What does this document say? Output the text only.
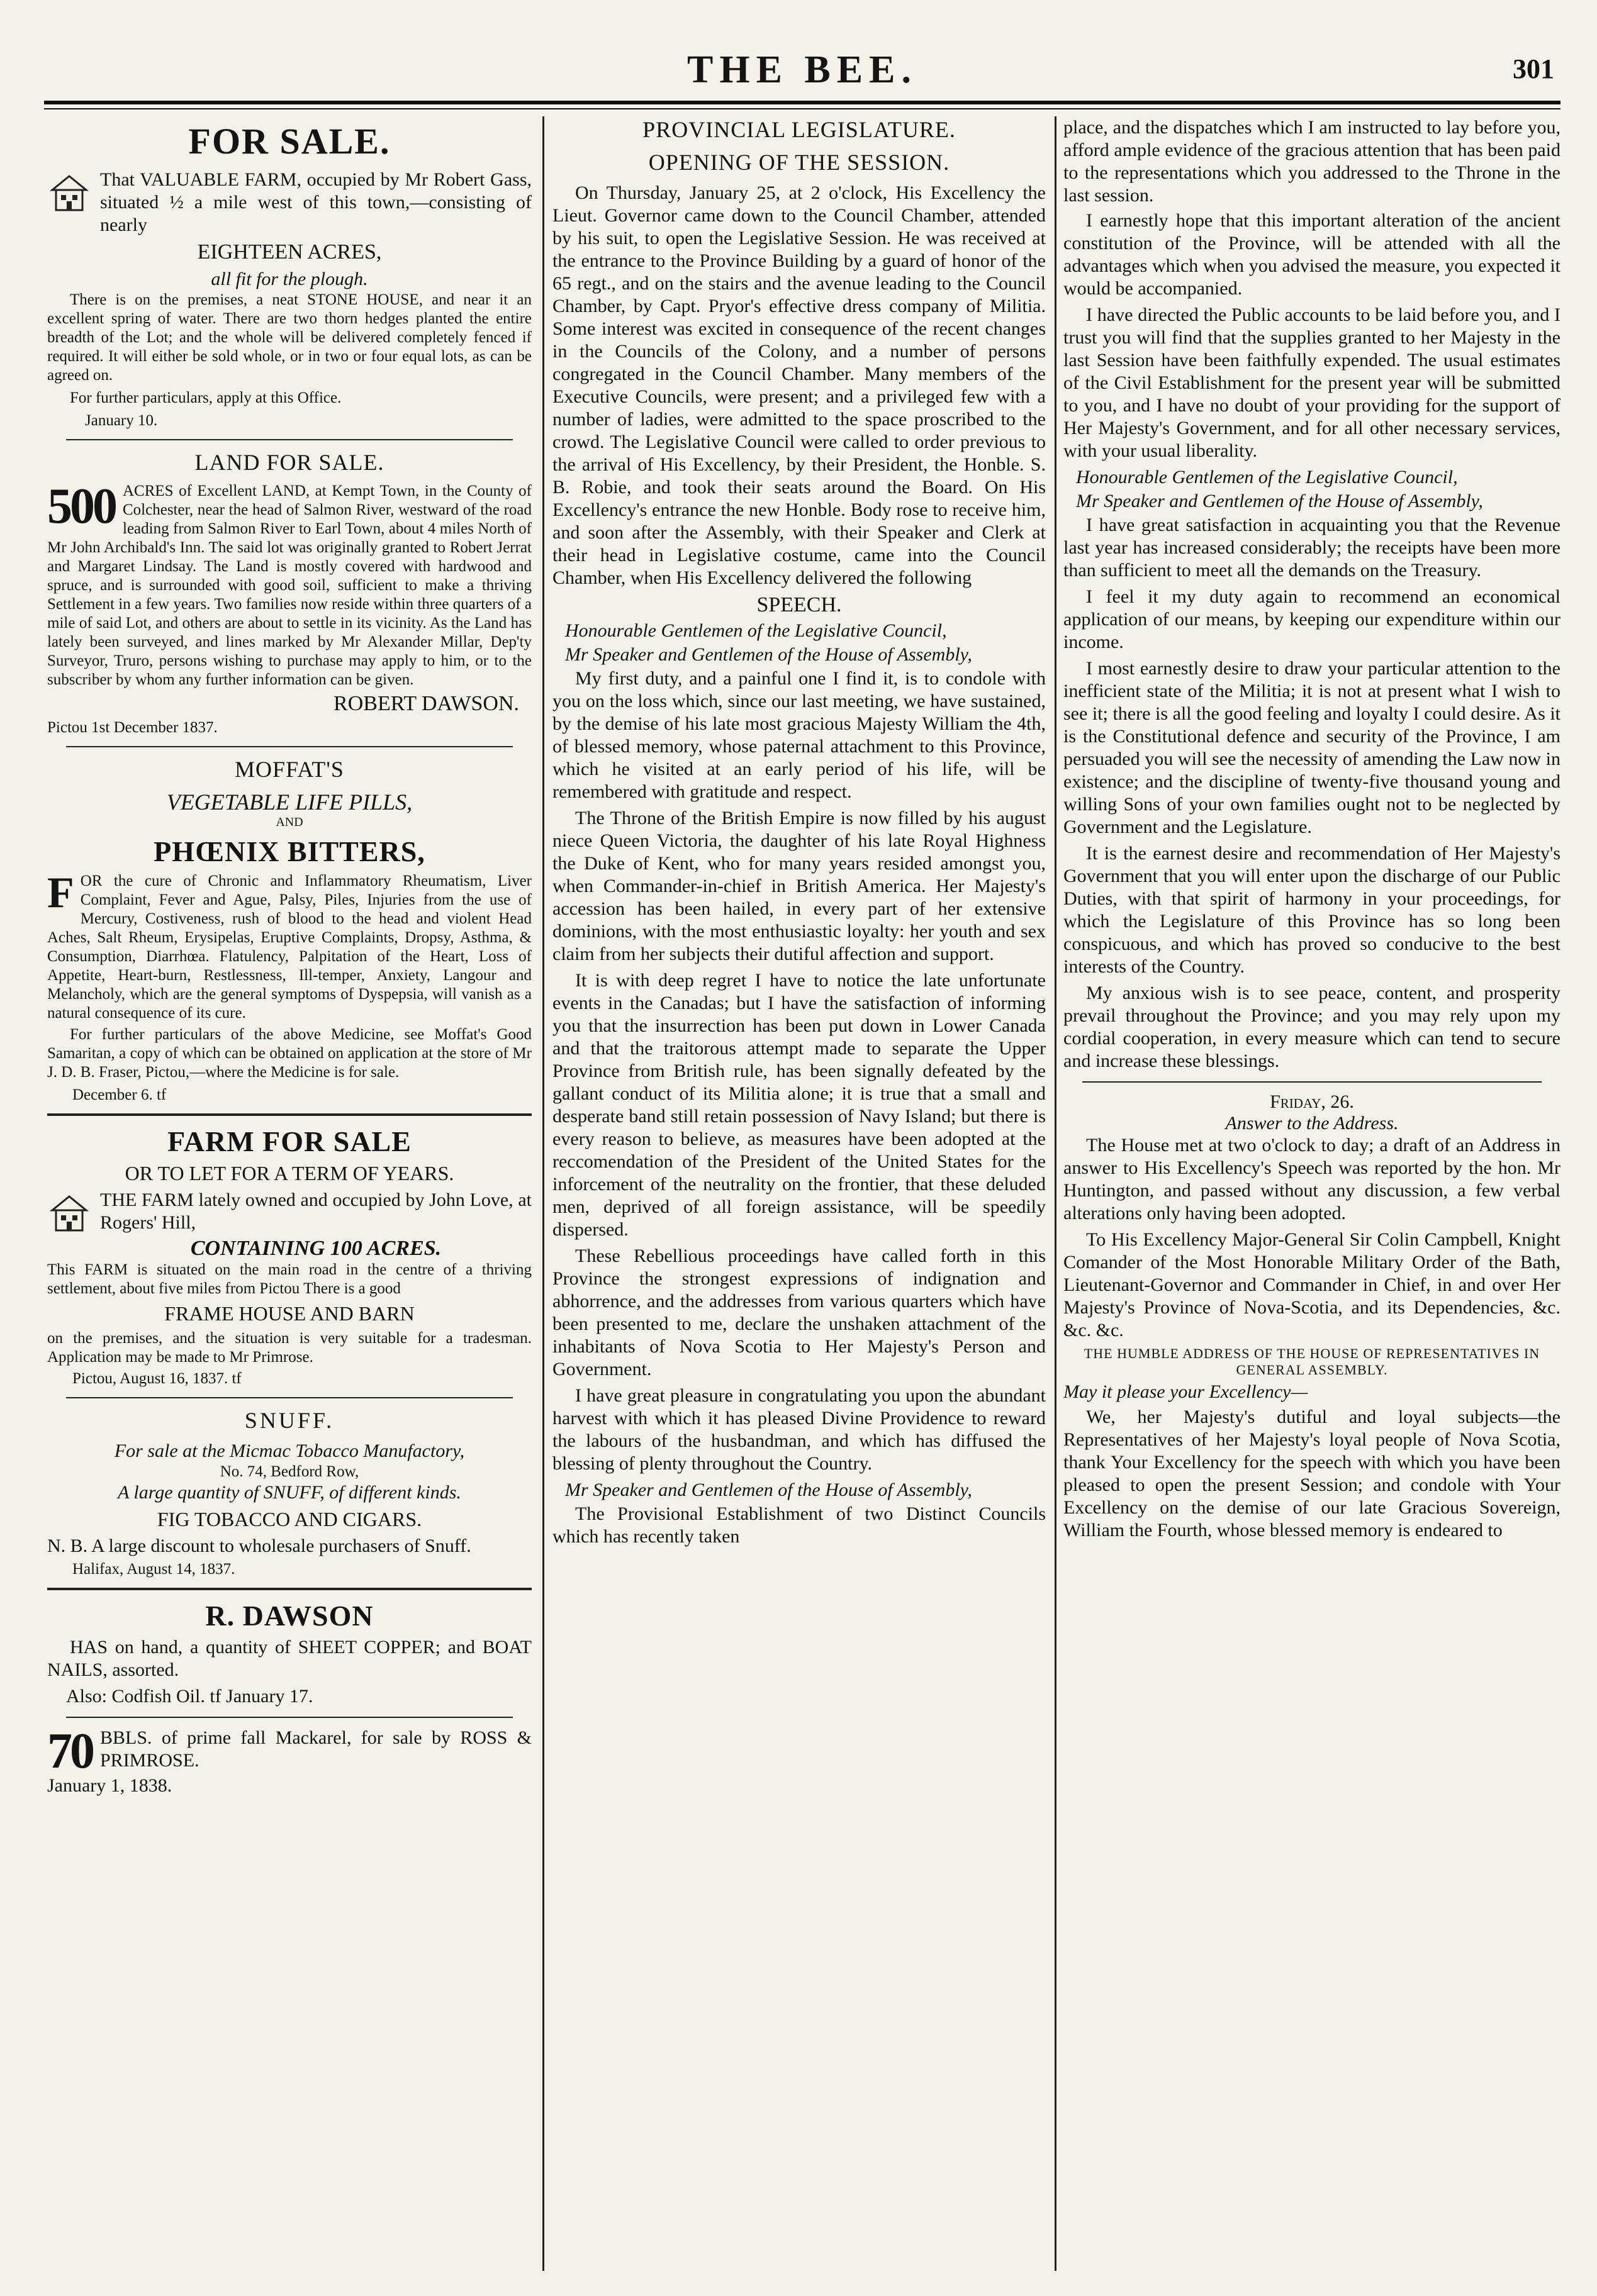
THE BEE.	301
FOR SALE.

That VALUABLE FARM, occupied by Mr Robert Gass, situated ½ a mile west of this town,—consisting of nearly

EIGHTEEN ACRES,
all fit for the plough.

There is on the premises, a neat STONE HOUSE, and near it an excellent spring of water. There are two thorn hedges planted the entire breadth of the Lot; and the whole will be delivered completely fenced if required. It will either be sold whole, or in two or four equal lots, as can be agreed on.

For further particulars, apply at this Office.

January 10.

LAND FOR SALE.
500 ACRES of Excellent LAND, at Kempt Town, in the County of Colchester, near the head of Salmon River, westward of the road leading from Salmon River to Earl Town, about 4 miles North of Mr John Archibald's Inn. The said lot was originally granted to Robert Jerrat and Margaret Lindsay. The Land is mostly covered with hardwood and spruce, and is surrounded with good soil, sufficient to make a thriving Settlement in a few years. Two families now reside within three quarters of a mile of said Lot, and others are about to settle in its vicinity. As the Land has lately been surveyed, and lines marked by Mr Alexander Millar, Dep'ty Surveyor, Truro, persons wishing to purchase may apply to him, or to the subscriber by whom any further information can be given.

ROBERT DAWSON.

Pictou 1st December 1837.

MOFFAT'S
VEGETABLE LIFE PILLS,
AND
PHŒNIX BITTERS,
F OR the cure of Chronic and Inflammatory Rheumatism, Liver Complaint, Fever and Ague, Palsy, Piles, Injuries from the use of Mercury, Costiveness, rush of blood to the head and violent Head Aches, Salt Rheum, Erysipelas, Eruptive Complaints, Dropsy, Asthma, & Consumption, Diarrhœa. Flatulency, Palpitation of the Heart, Loss of Appetite, Heart-burn, Restlessness, Ill-temper, Anxiety, Langour and Melancholy, which are the general symptoms of Dyspepsia, will vanish as a natural consequence of its cure.

For further particulars of the above Medicine, see Moffat's Good Samaritan, a copy of which can be obtained on application at the store of Mr J. D. B. Fraser, Pictou,—where the Medicine is for sale.

December 6. tf

FARM FOR SALE
OR TO LET FOR A TERM OF YEARS.

THE FARM lately owned and occupied by John Love, at Rogers' Hill,

CONTAINING 100 ACRES.

This FARM is situated on the main road in the centre of a thriving settlement, about five miles from Pictou There is a good

FRAME HOUSE AND BARN

on the premises, and the situation is very suitable for a tradesman. Application may be made to Mr Primrose.

Pictou, August 16, 1837. tf

SNUFF.
For sale at the Micmac Tobacco Manufactory,
No. 74, Bedford Row,
A large quantity of SNUFF, of different kinds.
FIG TOBACCO AND CIGARS.

N. B. A large discount to wholesale purchasers of Snuff.

Halifax, August 14, 1837.

R. DAWSON

HAS on hand, a quantity of SHEET COPPER; and BOAT NAILS, assorted.

Also: Codfish Oil. tf January 17.

70 BBLS. of prime fall Mackarel, for sale by ROSS & PRIMROSE.

January 1, 1838.

PROVINCIAL LEGISLATURE.
OPENING OF THE SESSION.

On Thursday, January 25, at 2 o'clock, His Excellency the Lieut. Governor came down to the Council Chamber, attended by his suit, to open the Legislative Session. He was received at the entrance to the Province Building by a guard of honor of the 65 regt., and on the stairs and the avenue leading to the Council Chamber, by Capt. Pryor's effective dress company of Militia. Some interest was excited in consequence of the recent changes in the Councils of the Colony, and a number of persons congregated in the Council Chamber. Many members of the Executive Councils, were present; and a privileged few with a number of ladies, were admitted to the space proscribed to the crowd. The Legislative Council were called to order previous to the arrival of His Excellency, by their President, the Honble. S. B. Robie, and took their seats around the Board. On His Excellency's entrance the new Honble. Body rose to receive him, and soon after the Assembly, with their Speaker and Clerk at their head in Legislative costume, came into the Council Chamber, when His Excellency delivered the following

SPEECH.

Honourable Gentlemen of the Legislative Council,

Mr Speaker and Gentlemen of the House of Assembly,

My first duty, and a painful one I find it, is to condole with you on the loss which, since our last meeting, we have sustained, by the demise of his late most gracious Majesty William the 4th, of blessed memory, whose paternal attachment to this Province, which he visited at an early period of his life, will be remembered with gratitude and respect.

The Throne of the British Empire is now filled by his august niece Queen Victoria, the daughter of his late Royal Highness the Duke of Kent, who for many years resided amongst you, when Commander-in-chief in British America. Her Majesty's accession has been hailed, in every part of her extensive dominions, with the most enthusiastic loyalty: her youth and sex claim from her subjects their dutiful affection and support.

It is with deep regret I have to notice the late unfortunate events in the Canadas; but I have the satisfaction of informing you that the insurrection has been put down in Lower Canada and that the traitorous attempt made to separate the Upper Province from British rule, has been signally defeated by the gallant conduct of its Militia alone; it is true that a small and desperate band still retain possession of Navy Island; but there is every reason to believe, as measures have been adopted at the reccomendation of the President of the United States for the inforcement of the neutrality on the frontier, that these deluded men, deprived of all foreign assistance, will be speedily dispersed.

These Rebellious proceedings have called forth in this Province the strongest expressions of indignation and abhorrence, and the addresses from various quarters which have been presented to me, declare the unshaken attachment of the inhabitants of Nova Scotia to Her Majesty's Person and Government.

I have great pleasure in congratulating you upon the abundant harvest with which it has pleased Divine Providence to reward the labours of the husbandman, and which has diffused the blessing of plenty throughout the Country.

Mr Speaker and Gentlemen of the House of Assembly,

The Provisional Establishment of two Distinct Councils which has recently taken

place, and the dispatches which I am instructed to lay before you, afford ample evidence of the gracious attention that has been paid to the representations which you addressed to the Throne in the last session.

I earnestly hope that this important alteration of the ancient constitution of the Province, will be attended with all the advantages which when you advised the measure, you expected it would be accompanied.

I have directed the Public accounts to be laid before you, and I trust you will find that the supplies granted to her Majesty in the last Session have been faithfully expended. The usual estimates of the Civil Establishment for the present year will be submitted to you, and I have no doubt of your providing for the support of Her Majesty's Government, and for all other necessary services, with your usual liberality.

Honourable Gentlemen of the Legislative Council,

Mr Speaker and Gentlemen of the House of Assembly,

I have great satisfaction in acquainting you that the Revenue last year has increased considerably; the receipts have been more than sufficient to meet all the demands on the Treasury.

I feel it my duty again to recommend an economical application of our means, by keeping our expenditure within our income.

I most earnestly desire to draw your particular attention to the inefficient state of the Militia; it is not at present what I wish to see it; there is all the good feeling and loyalty I could desire. As it is the Constitutional defence and security of the Province, I am persuaded you will see the necessity of amending the Law now in existence; and the discipline of twenty-five thousand young and willing Sons of your own families ought not to be neglected by Government and the Legislature.

It is the earnest desire and recommendation of Her Majesty's Government that you will enter upon the discharge of our Public Duties, with that spirit of harmony in your proceedings, for which the Legislature of this Province has so long been conspicuous, and which has proved so conducive to the best interests of the Country.

My anxious wish is to see peace, content, and prosperity prevail throughout the Province; and you may rely upon my cordial cooperation, in every measure which can tend to secure and increase these blessings.

Friday, 26.
Answer to the Address.

The House met at two o'clock to day; a draft of an Address in answer to His Excellency's Speech was reported by the hon. Mr Huntington, and passed without any discussion, a few verbal alterations only having been adopted.

To His Excellency Major-General Sir Colin Campbell, Knight Comander of the Most Honorable Military Order of the Bath, Lieutenant-Governor and Commander in Chief, in and over Her Majesty's Province of Nova-Scotia, and its Dependencies, &c. &c. &c.

THE HUMBLE ADDRESS OF THE HOUSE OF REPRESENTATIVES IN GENERAL ASSEMBLY.

May it please your Excellency—

We, her Majesty's dutiful and loyal subjects—the Representatives of her Majesty's loyal people of Nova Scotia, thank Your Excellency for the speech with which you have been pleased to open the present Session; and condole with Your Excellency on the demise of our late Gracious Sovereign, William the Fourth, whose blessed memory is endeared to
